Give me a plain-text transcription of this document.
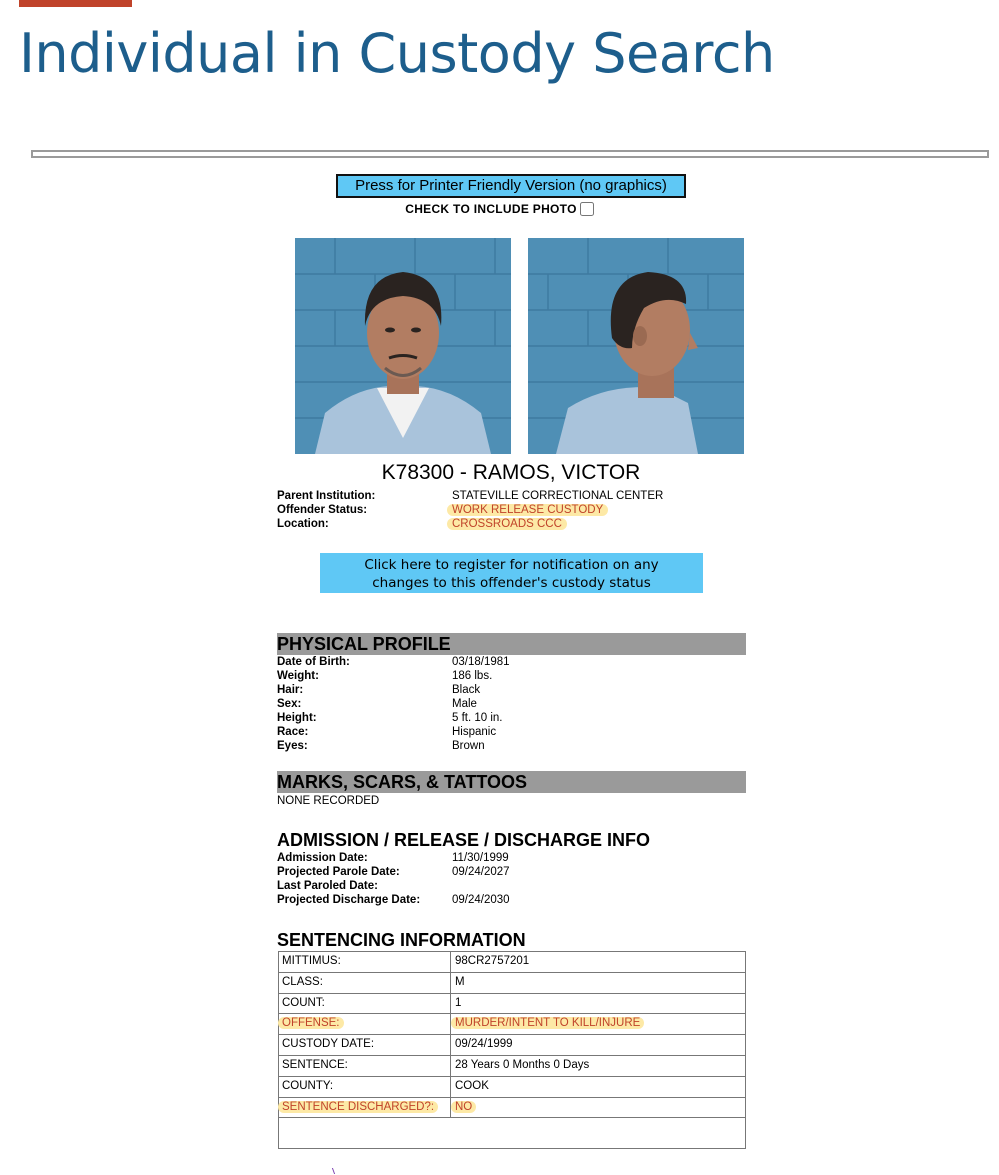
Individual in Custody Search
Press for Printer Friendly Version (no graphics)
CHECK TO INCLUDE PHOTO
K78300 - RAMOS, VICTOR
Parent Institution:	STATEVILLE CORRECTIONAL CENTER
Offender Status:	WORK RELEASE CUSTODY
Location:	CROSSROADS CCC
Click here to register for notification on any
changes to this offender's custody status
PHYSICAL PROFILE
Date of Birth:	03/18/1981
Weight:	186 lbs.
Hair:	Black
Sex:	Male
Height:	5 ft. 10 in.
Race:	Hispanic
Eyes:	Brown
MARKS, SCARS, & TATTOOS
NONE RECORDED
ADMISSION / RELEASE / DISCHARGE INFO
Admission Date:	11/30/1999
Projected Parole Date:	09/24/2027
Last Paroled Date:
Projected Discharge Date:	09/24/2030
SENTENCING INFORMATION
MITTIMUS:	98CR2757201
CLASS:	M
COUNT:	1
OFFENSE:	MURDER/INTENT TO KILL/INJURE
CUSTODY DATE:	09/24/1999
SENTENCE:	28 Years 0 Months 0 Days
COUNTY:	COOK
SENTENCE DISCHARGED?:	NO
